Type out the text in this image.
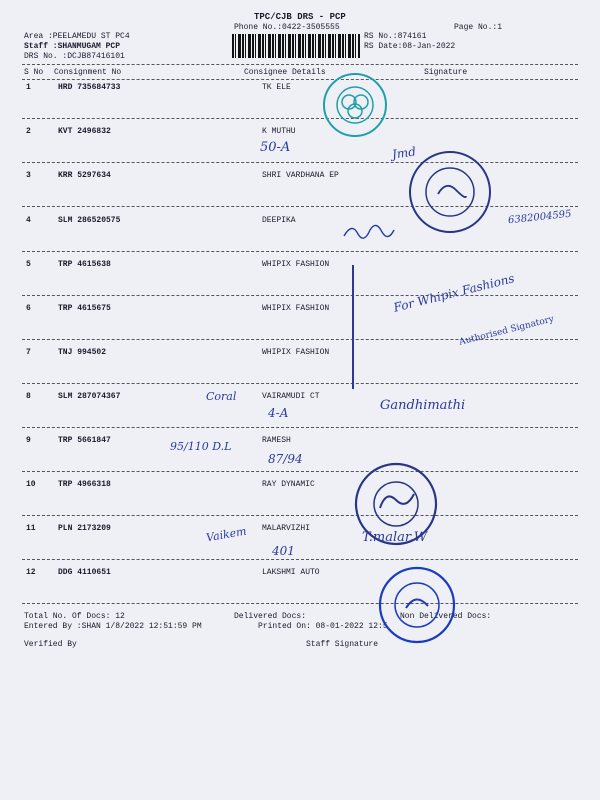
TPC/CJB DRS - PCP
Phone No.:0422-3505555	Page No.:1
Area :PEELAMEDU ST PC4
Staff :SHANMUGAM PCP
DRS No. :DCJB87416101
RS No.:874161
RS Date:08-Jan-2022
S No Consignment No	Consignee Details	Signature
1	HRD 735684733	TK ELE
2	KVT 2496832	K MUTHU
3	KRR 5297634	SHRI VARDHANA EP
4	SLM 286520575	DEEPIKA
5	TRP 4615638	WHIPIX FASHION
6	TRP 4615675	WHIPIX FASHION
7	TNJ 994502	WHIPIX FASHION
8	SLM 287074367	VAIRAMUDI CT
9	TRP 5661847	RAMESH
10	TRP 4966318	RAY DYNAMIC
11	PLN 2173209	MALARVIZHI
12	DDG 4110651	LAKSHMI AUTO
Total No. Of Docs: 12	Delivered Docs:	Non Delivered Docs:
Entered By :SHAN 1/8/2022 12:51:59 PM	Printed On: 08-01-2022 12:5
Verified By	Staff Signature
50-A	Jmd
6382004595
For Whipix Fashions
Authorised Signatory
Coral
4-A	Gandhimathi
95/110 D.L
87/94
Vaikem
401
T.malar.W
